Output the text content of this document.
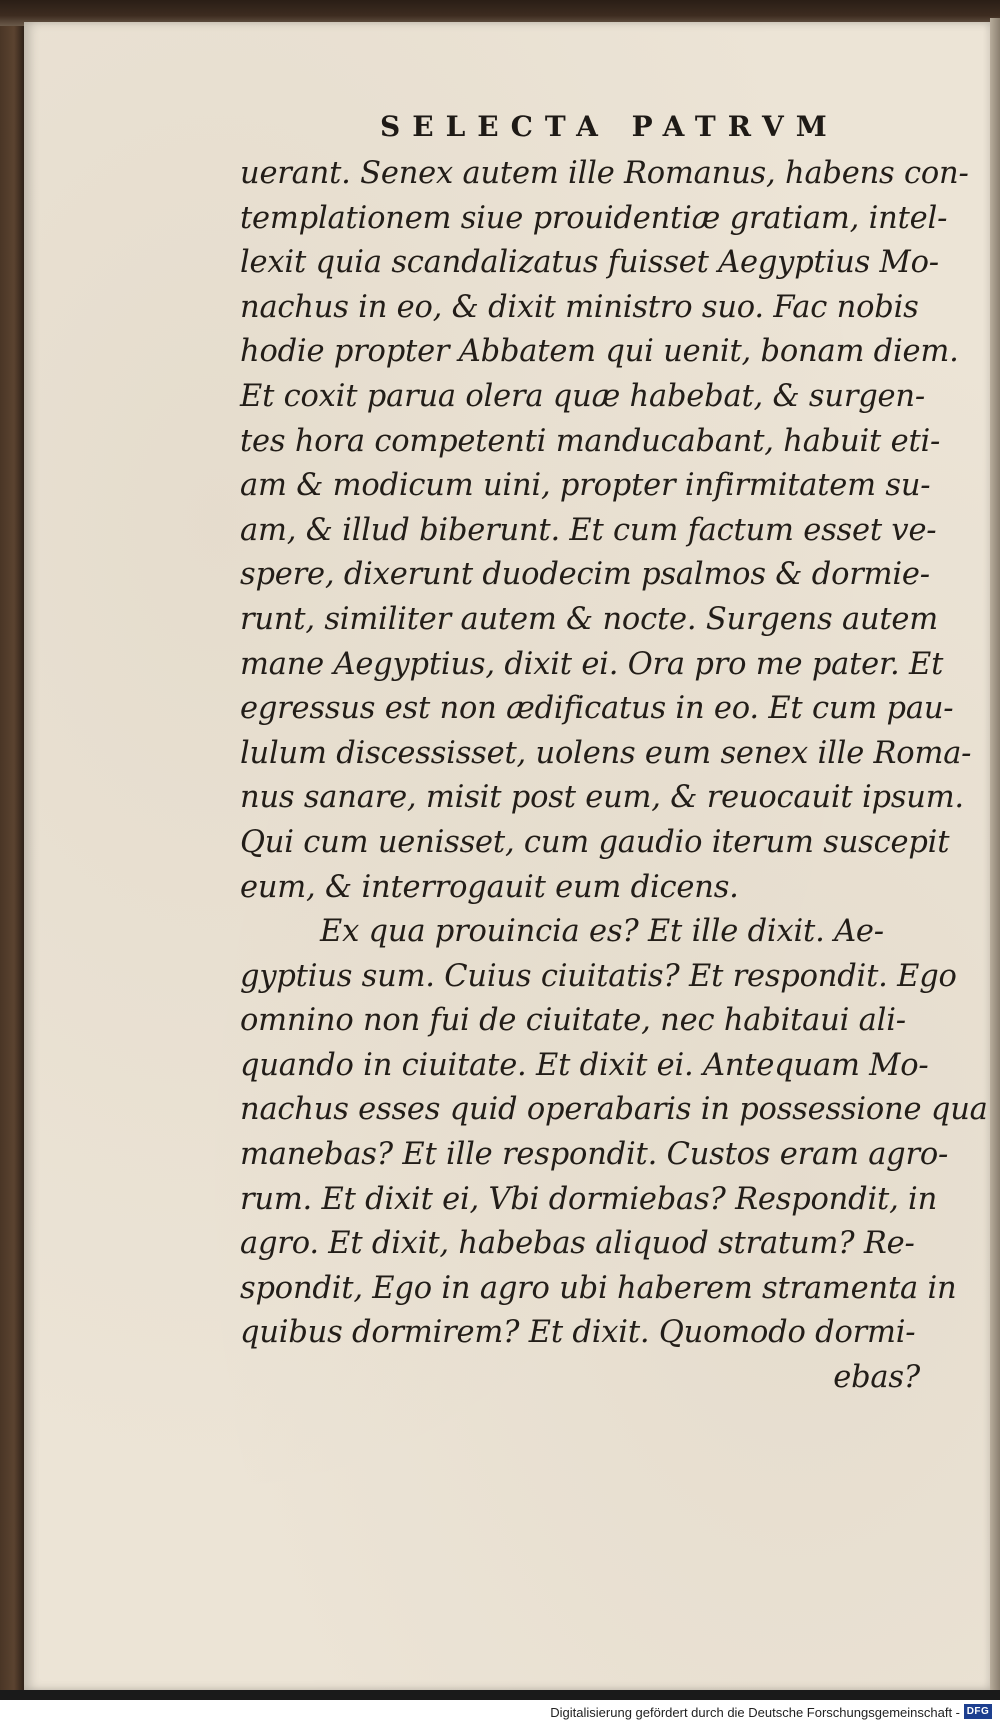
SELECTA PATRVM
uerant. Senex autem ille Romanus, habens con-
templationem siue prouidentiæ gratiam, intel-
lexit quia scandalizatus fuisset Aegyptius Mo-
nachus in eo, & dixit ministro suo. Fac nobis
hodie propter Abbatem qui uenit, bonam diem.
Et coxit parua olera quæ habebat, & surgen-
tes hora competenti manducabant, habuit eti-
am & modicum uini, propter infirmitatem su-
am, & illud biberunt. Et cum factum esset ve-
spere, dixerunt duodecim psalmos & dormie-
runt, similiter autem & nocte. Surgens autem
mane Aegyptius, dixit ei. Ora pro me pater. Et
egressus est non ædificatus in eo. Et cum pau-
lulum discessisset, uolens eum senex ille Roma-
nus sanare, misit post eum, & reuocauit ipsum.
Qui cum uenisset, cum gaudio iterum suscepit
eum, & interrogauit eum dicens.
Ex qua prouincia es? Et ille dixit. Ae-
gyptius sum. Cuius ciuitatis? Et respondit. Ego
omnino non fui de ciuitate, nec habitaui ali-
quando in ciuitate. Et dixit ei. Antequam Mo-
nachus esses quid operabaris in possessione qua
manebas? Et ille respondit. Custos eram agro-
rum. Et dixit ei, Vbi dormiebas? Respondit, in
agro. Et dixit, habebas aliquod stratum? Re-
spondit, Ego in agro ubi haberem stramenta in
quibus dormirem? Et dixit. Quomodo dormi-
ebas?
Digitalisierung gefördert durch die Deutsche Forschungsgemeinschaft - DFG
